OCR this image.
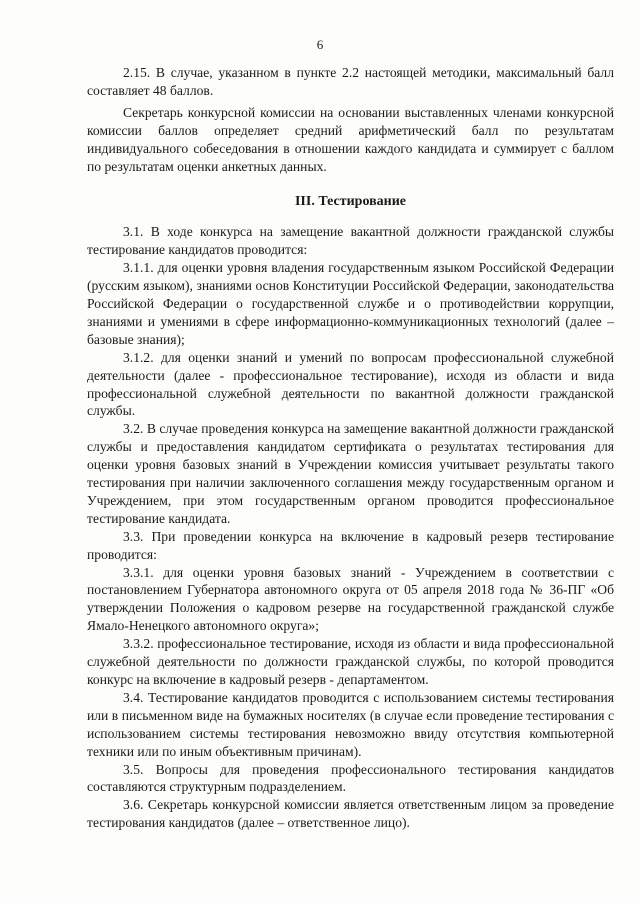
6

2.15. В случае, указанном в пункте 2.2 настоящей методики, максимальный балл составляет 48 баллов.

Секретарь конкурсной комиссии на основании выставленных членами конкурсной комиссии баллов определяет средний арифметический балл по результатам индивидуального собеседования в отношении каждого кандидата и суммирует с баллом по результатам оценки анкетных данных.

III. Тестирование

3.1. В ходе конкурса на замещение вакантной должности гражданской службы тестирование кандидатов проводится:

3.1.1. для оценки уровня владения государственным языком Российской Федерации (русским языком), знаниями основ Конституции Российской Федерации, законодательства Российской Федерации о государственной службе и о противодействии коррупции, знаниями и умениями в сфере информационно-коммуникационных технологий (далее – базовые знания);

3.1.2. для оценки знаний и умений по вопросам профессиональной служебной деятельности (далее - профессиональное тестирование), исходя из области и вида профессиональной служебной деятельности по вакантной должности гражданской службы.

3.2. В случае проведения конкурса на замещение вакантной должности гражданской службы и предоставления кандидатом сертификата о результатах тестирования для оценки уровня базовых знаний в Учреждении комиссия учитывает результаты такого тестирования при наличии заключенного соглашения между государственным органом и Учреждением, при этом государственным органом проводится профессиональное тестирование кандидата.

3.3. При проведении конкурса на включение в кадровый резерв тестирование проводится:

3.3.1. для оценки уровня базовых знаний - Учреждением в соответствии с постановлением Губернатора автономного округа от 05 апреля 2018 года № 36-ПГ «Об утверждении Положения о кадровом резерве на государственной гражданской службе Ямало-Ненецкого автономного округа»;

3.3.2. профессиональное тестирование, исходя из области и вида профессиональной служебной деятельности по должности гражданской службы, по которой проводится конкурс на включение в кадровый резерв - департаментом.

3.4. Тестирование кандидатов проводится с использованием системы тестирования или в письменном виде на бумажных носителях (в случае если проведение тестирования с использованием системы тестирования невозможно ввиду отсутствия компьютерной техники или по иным объективным причинам).

3.5. Вопросы для проведения профессионального тестирования кандидатов составляются структурным подразделением.

3.6. Секретарь конкурсной комиссии является ответственным лицом за проведение тестирования кандидатов (далее – ответственное лицо).
